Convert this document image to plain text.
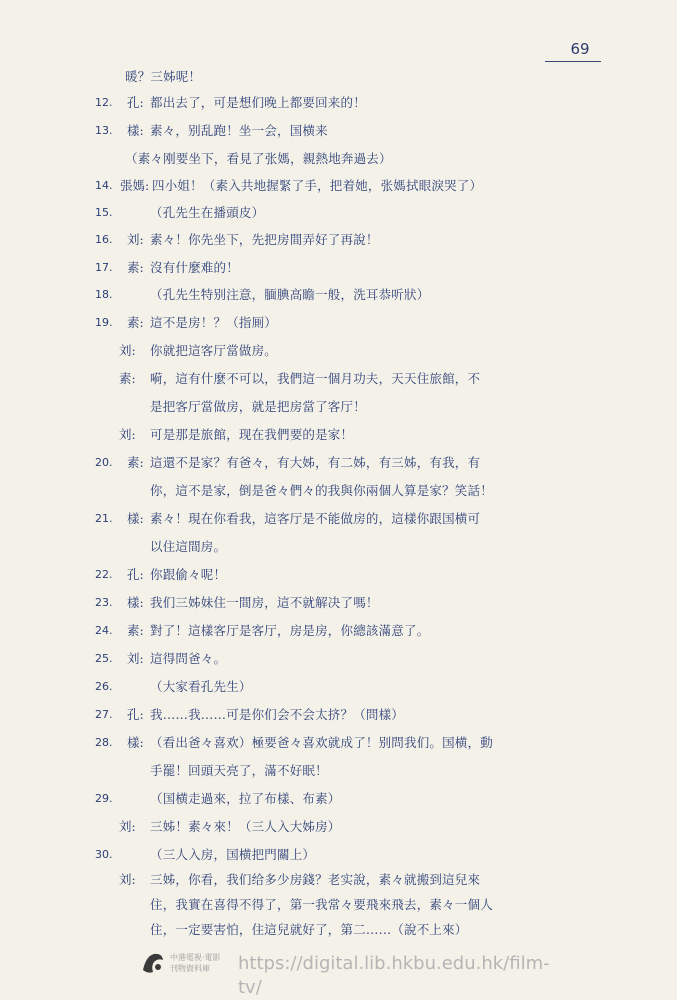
69
暖？三姊呢！
12.	孔: 都出去了，可是想们晚上都要回来的！
13.	樣: 素々，别乱跑！坐一会，国横来
（素々刚要坐下，看見了张媽，親熱地奔過去）
14. 張媽: 四小姐！（素入共地握緊了手，把着她，张媽拭眼淚哭了）
15.	（孔先生在播頭皮）
16.	刘: 素々！你先坐下，先把房間弄好了再說！
17.	素: 沒有什麼难的！
18.	（孔先生特别注意，腼腆高瞻一般，洗耳恭听狀）
19.	素: 這不是房！？（指厠）
刘:	你就把這客厅當做房。
素:	嗬，這有什麼不可以，我們這一個月功夫，天天住旅館，不
是把客厅當做房，就是把房當了客厅！
刘:	可是那是旅館，现在我們要的是家！
20.	素: 這還不是家？有爸々，有大姊，有二姊，有三姊，有我，有
你，這不是家，倒是爸々們々的我與你兩個人算是家？笑話！
21.	樣: 素々！現在你看我，這客厅是不能做房的，這樣你跟国横可
以住這間房。
22.	孔: 你跟偷々呢！
23.	樣: 我们三姊妹住一間房，這不就解决了嗎！
24.	素: 對了！這樣客厅是客厅，房是房，你總該滿意了。
25.	刘: 這得問爸々。
26.	（大家看孔先生）
27.	孔: 我……我……可是你们会不会太挤？（問樣）
28.	樣: （看出爸々喜欢）極要爸々喜欢就成了！别問我们。国横，動
手罷！回頭天亮了，滿不好眠！
29.	（国横走過來，拉了布樣、布素）
刘:	三姊！素々來！（三人入大姊房）
30.	（三人入房，国横把門關上）
刘:	三姊，你看，我们给多少房錢？老实說，素々就搬到這兒來
住，我實在喜得不得了，第一我常々要飛來飛去，素々一個人
住，一定要害怕，住這兒就好了，第二……（說不上來）
中港電視‧電影
刊物資料庫	https://digital.lib.hkbu.edu.hk/film-tv/
